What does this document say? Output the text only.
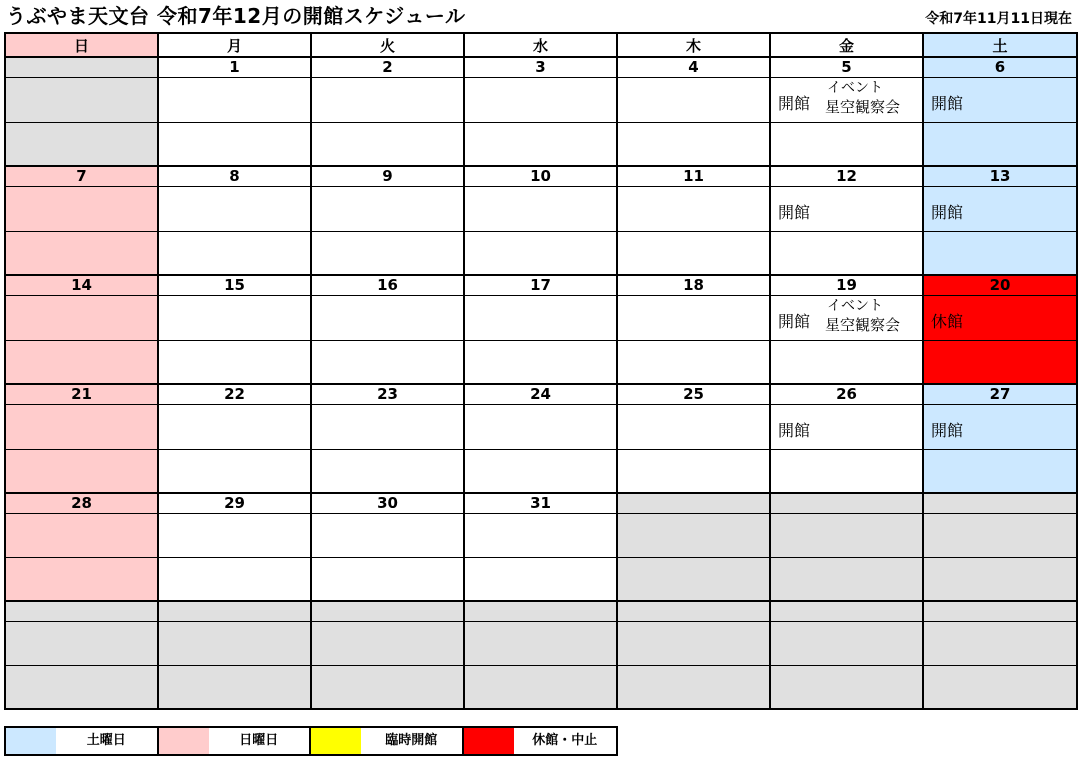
うぶやま天文台 令和7年12月の開館スケジュール	令和7年11月11日現在
日	月	火	水	木	金	土
	1	2	3	4	5	6

					開館
イベント
星空観察会	開館

7	8	9	10	11	12	13

					開館	開館

14	15	16	17	18	19	20

					開館
イベント
星空観察会	休館

21	22	23	24	25	26	27

					開館	開館

28	29	30	31			

土曜日	日曜日	臨時開館	休館・中止
